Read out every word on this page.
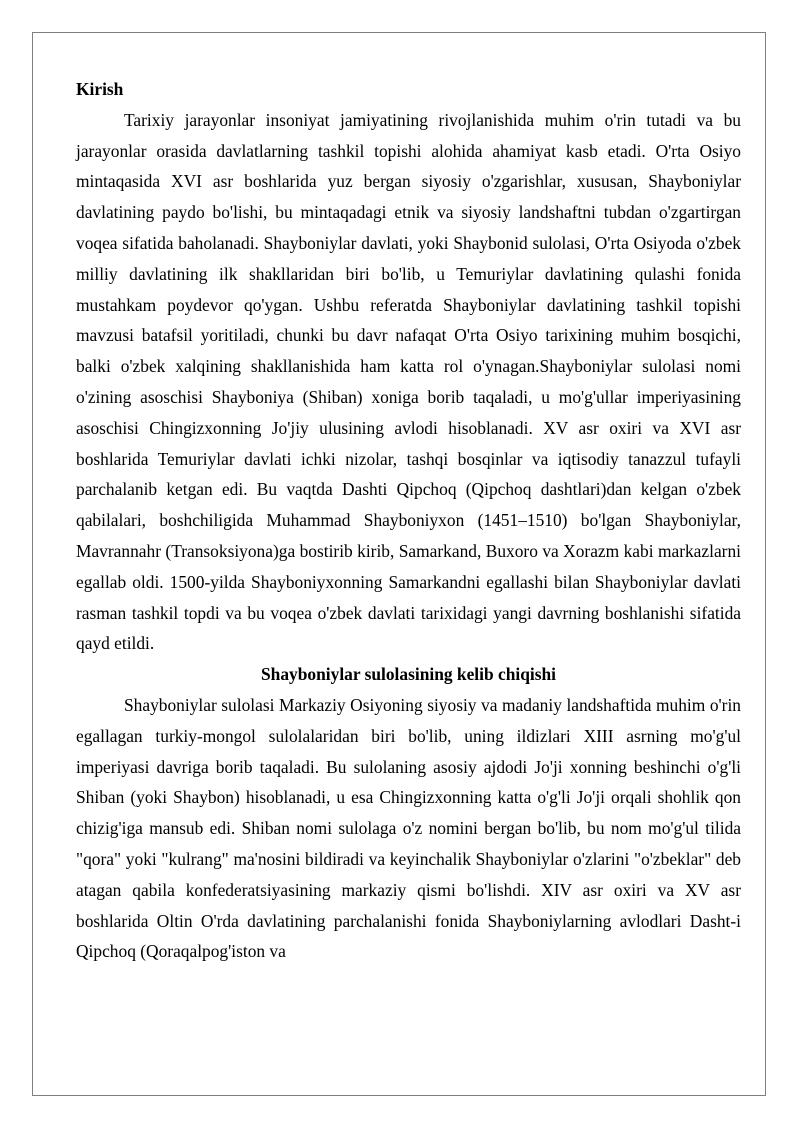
Kirish

Tarixiy jarayonlar insoniyat jamiyatining rivojlanishida muhim o'rin tutadi va bu jarayonlar orasida davlatlarning tashkil topishi alohida ahamiyat kasb etadi. O'rta Osiyo mintaqasida XVI asr boshlarida yuz bergan siyosiy o'zgarishlar, xususan, Shayboniylar davlatining paydo bo'lishi, bu mintaqadagi etnik va siyosiy landshaftni tubdan o'zgartirgan voqea sifatida baholanadi. Shayboniylar davlati, yoki Shaybonid sulolasi, O'rta Osiyoda o'zbek milliy davlatining ilk shakllaridan biri bo'lib, u Temuriylar davlatining qulashi fonida mustahkam poydevor qo'ygan. Ushbu referatda Shayboniylar davlatining tashkil topishi mavzusi batafsil yoritiladi, chunki bu davr nafaqat O'rta Osiyo tarixining muhim bosqichi, balki o'zbek xalqining shakllanishida ham katta rol o'ynagan.Shayboniylar sulolasi nomi o'zining asoschisi Shayboniya (Shiban) xoniga borib taqaladi, u mo'g'ullar imperiyasining asoschisi Chingizxonning Jo'jiy ulusining avlodi hisoblanadi. XV asr oxiri va XVI asr boshlarida Temuriylar davlati ichki nizolar, tashqi bosqinlar va iqtisodiy tanazzul tufayli parchalanib ketgan edi. Bu vaqtda Dashti Qipchoq (Qipchoq dashtlari)dan kelgan o'zbek qabilalari, boshchiligida Muhammad Shayboniyxon (1451–1510) bo'lgan Shayboniylar, Mavrannahr (Transoksiyona)ga bostirib kirib, Samarkand, Buxoro va Xorazm kabi markazlarni egallab oldi. 1500-yilda Shayboniyxonning Samarkandni egallashi bilan Shayboniylar davlati rasman tashkil topdi va bu voqea o'zbek davlati tarixidagi yangi davrning boshlanishi sifatida qayd etildi.

Shayboniylar sulolasining kelib chiqishi

Shayboniylar sulolasi Markaziy Osiyoning siyosiy va madaniy landshaftida muhim o'rin egallagan turkiy-mongol sulolalaridan biri bo'lib, uning ildizlari XIII asrning mo'g'ul imperiyasi davriga borib taqaladi. Bu sulolaning asosiy ajdodi Jo'ji xonning beshinchi o'g'li Shiban (yoki Shaybon) hisoblanadi, u esa Chingizxonning katta o'g'li Jo'ji orqali shohlik qon chizig'iga mansub edi. Shiban nomi sulolaga o'z nomini bergan bo'lib, bu nom mo'g'ul tilida "qora" yoki "kulrang" ma'nosini bildiradi va keyinchalik Shayboniylar o'zlarini "o'zbeklar" deb atagan qabila konfederatsiyasining markaziy qismi bo'lishdi. XIV asr oxiri va XV asr boshlarida Oltin O'rda davlatining parchalanishi fonida Shayboniylarning avlodlari Dasht-i Qipchoq (Qoraqalpog'iston va
